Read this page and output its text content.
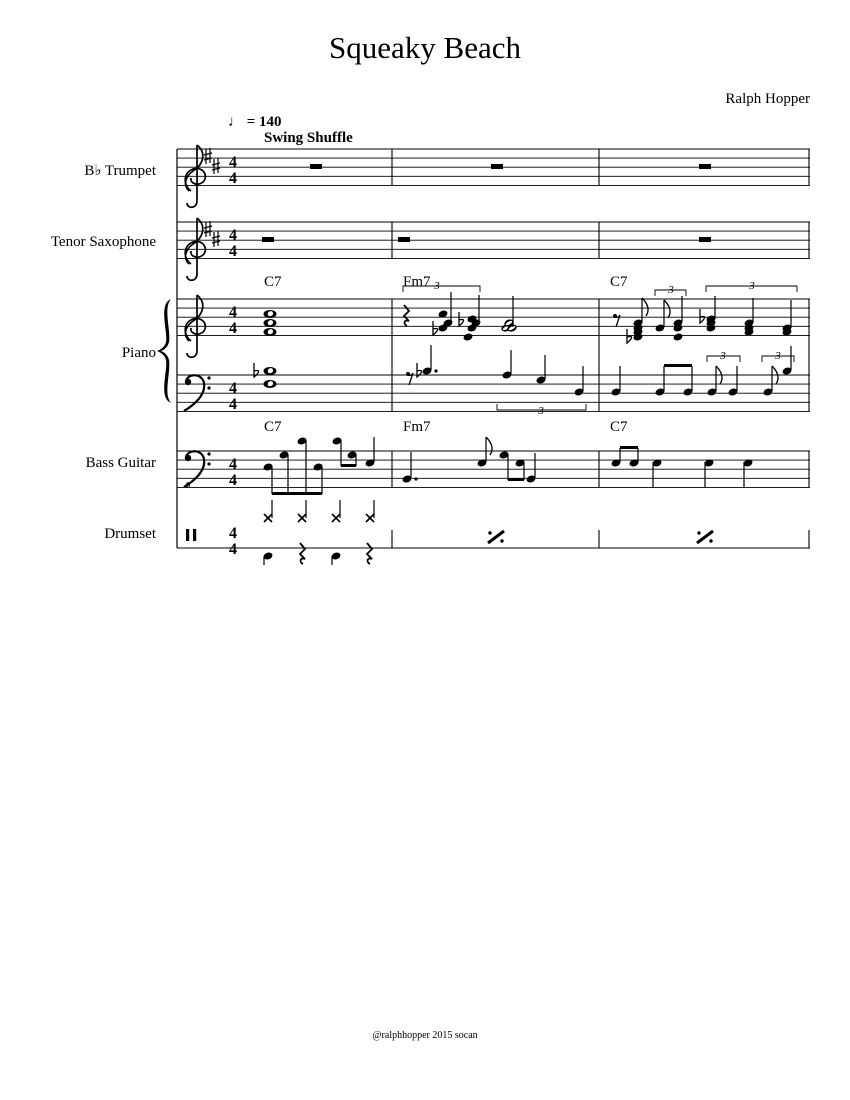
Squeaky Beach
Ralph Hopper
♩ = 140
Swing Shuffle
B♭ Trumpet
Tenor Saxophone
Piano
Bass Guitar
Drumset
s
4
4
4
4
4
4
4
4
4
4
4
4
C7	Fm7	C7
C7	Fm7	C7
3	3	3
3
3	3
@ralphhopper 2015 socan
